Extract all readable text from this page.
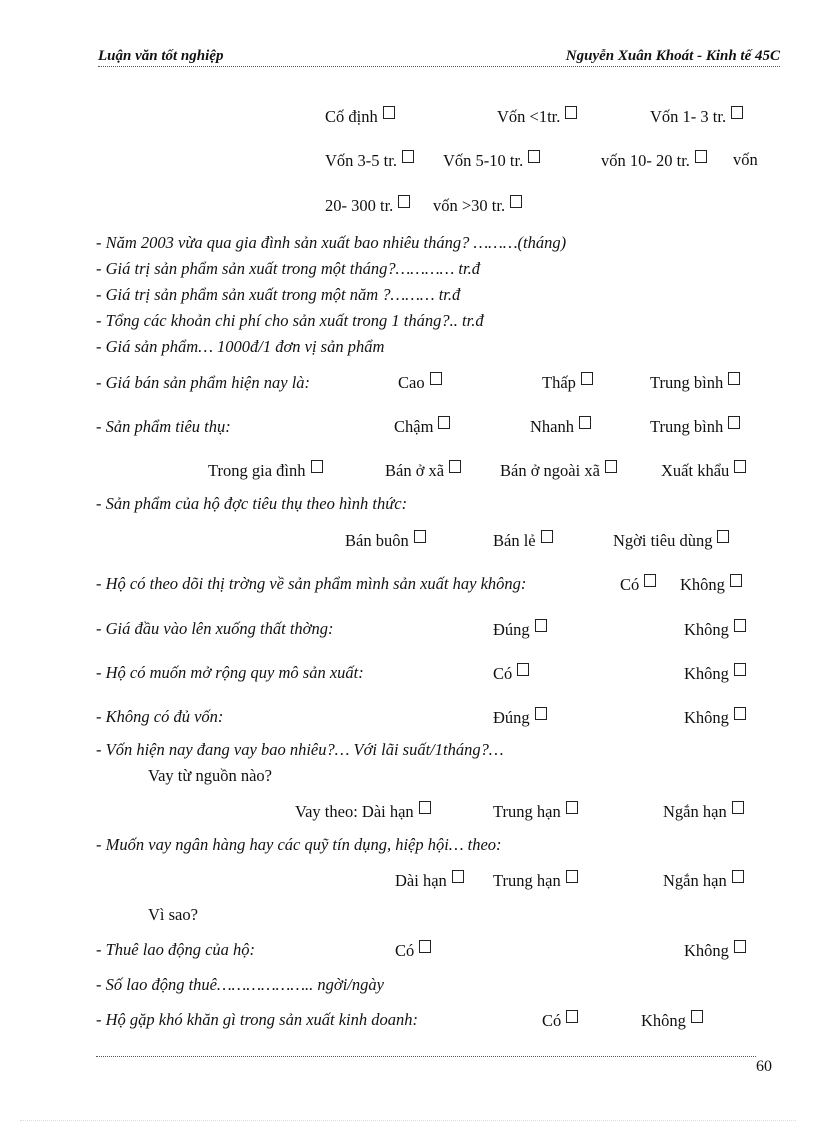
Luận văn tốt nghiệp	Nguyễn Xuân Khoát - Kinh tế 45C
Cố định	Vốn <1tr.	Vốn 1- 3 tr.
Vốn 3-5 tr.	Vốn 5-10 tr.	vốn 10- 20 tr.	vốn
20- 300 tr.	vốn >30 tr.
- Năm 2003 vừa qua gia đình sản xuất bao nhiêu tháng? ………(tháng)
- Giá trị sản phẩm sản xuất trong một tháng?………… tr.đ
- Giá trị sản phẩm sản xuất trong một năm ?……… tr.đ
- Tổng các khoản chi phí cho sản xuất trong 1 tháng?.. tr.đ
- Giá sản phẩm… 1000đ/1 đơn vị sản phẩm
- Giá bán sản phẩm hiện nay là:	Cao	Thấp	Trung bình
- Sản phẩm tiêu thụ:	Chậm	Nhanh	Trung bình
Trong gia đình	Bán ở xã	Bán ở ngoài xã	Xuất khẩu
- Sản phẩm của hộ đợc tiêu thụ theo hình thức:
Bán buôn	Bán lẻ	Ngời tiêu dùng
- Hộ có theo dõi thị trờng về sản phẩm mình sản xuất hay không:	Có	Không
- Giá đầu vào lên xuống thất thờng:	Đúng	Không
- Hộ có muốn mở rộng quy mô sản xuất:	Có	Không
- Không có đủ vốn:	Đúng	Không
- Vốn hiện nay đang vay bao nhiêu?… Với lãi suất/1tháng?…
Vay từ nguồn nào?
Vay theo: Dài hạn	Trung hạn	Ngắn hạn
- Muốn vay ngân hàng hay các quỹ tín dụng, hiệp hội… theo:
Dài hạn	Trung hạn	Ngắn hạn
Vì sao?
- Thuê lao động của hộ:	Có	Không
- Số lao động thuê……………….. ngời/ngày
- Hộ gặp khó khăn gì trong sản xuất kinh doanh:	Có	Không
60
